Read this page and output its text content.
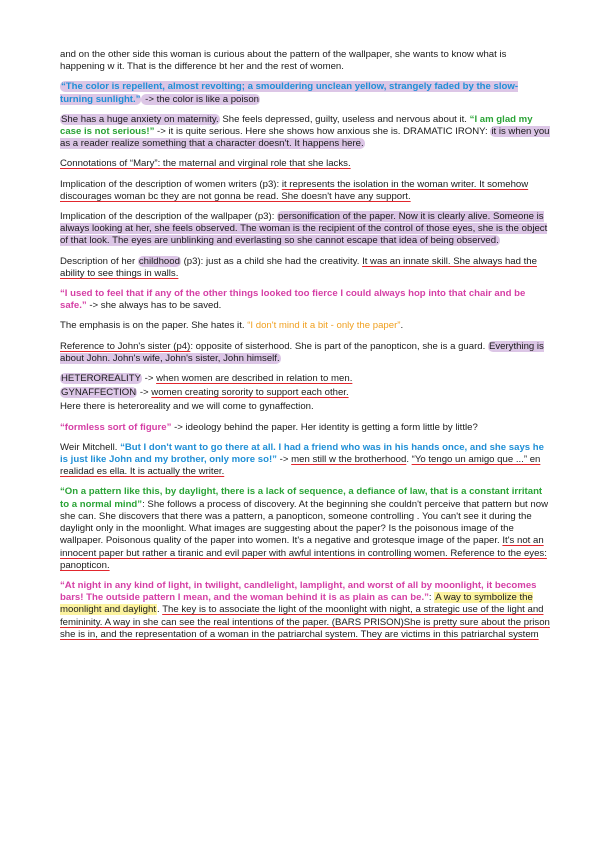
and on the other side this woman is curious about the pattern of the wallpaper, she wants to know what is happening w it. That is the difference bt her and the rest of women.

“The color is repellent, almost revolting; a smouldering unclean yellow, strangely faded by the slow-turning sunlight.” -> the color is like a poison

She has a huge anxiety on maternity. She feels depressed, guilty, useless and nervous about it. “I am glad my case is not serious!” -> it is quite serious. Here she shows how anxious she is. DRAMATIC IRONY: it is when you as a reader realize something that a character doesn't. It happens here.

Connotations of “Mary”: the maternal and virginal role that she lacks.

Implication of the description of women writers (p3): it represents the isolation in the woman writer. It somehow discourages woman bc they are not gonna be read. She doesn't have any support.

Implication of the description of the wallpaper (p3): personification of the paper. Now it is clearly alive. Someone is always looking at her, she feels observed. The woman is the recipient of the control of those eyes, she is the object of that look. The eyes are unblinking and everlasting so she cannot escape that idea of being observed.

Description of her childhood (p3): just as a child she had the creativity. It was an innate skill. She always had the ability to see things in walls.

“I used to feel that if any of the other things looked too fierce I could always hop into that chair and be safe.” -> she always has to be saved.

The emphasis is on the paper. She hates it. “I don't mind it a bit - only the paper”.

Reference to John's sister (p4): opposite of sisterhood. She is part of the panopticon, she is a guard. Everything is about John. John's wife, John's sister, John himself.

HETEROREALITY -> when women are described in relation to men.

GYNAFFECTION -> women creating sorority to support each other.

Here there is heteroreality and we will come to gynaffection.

“formless sort of figure” -> ideology behind the paper. Her identity is getting a form little by little?

Weir Mitchell. “But I don't want to go there at all. I had a friend who was in his hands once, and she says he is just like John and my brother, only more so!” -> men still w the brotherhood. “Yo tengo un amigo que ...” en realidad es ella. It is actually the writer.

“On a pattern like this, by daylight, there is a lack of sequence, a defiance of law, that is a constant irritant to a normal mind”: She follows a process of discovery. At the beginning she couldn't perceive that pattern but now she can. She discovers that there was a pattern, a panopticon, someone controlling . You can't see it during the daylight only in the moonlight. What images are suggesting about the paper? Is the poisonous image of the wallpaper. Poisonous quality of the paper into women. It's a negative and grotesque image of the paper. It's not an innocent paper but rather a tiranic and evil paper with awful intentions in controlling women. Reference to the eyes: panopticon.

“At night in any kind of light, in twilight, candlelight, lamplight, and worst of all by moonlight, it becomes bars! The outside pattern I mean, and the woman behind it is as plain as can be.”: A way to symbolize the moonlight and daylight. The key is to associate the light of the moonlight with night, a strategic use of the light and femininity. A way in she can see the real intentions of the paper. (BARS PRISON)She is pretty sure about the prison she is in, and the representation of a woman in the patriarchal system. They are victims in this patriarchal system
